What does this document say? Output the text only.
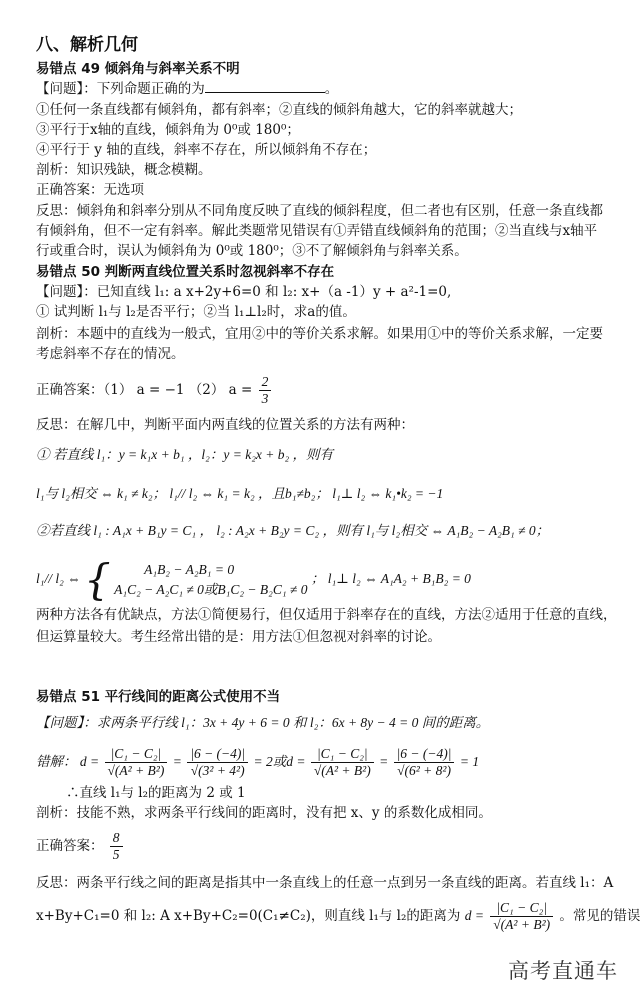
八、解析几何
易错点 49 倾斜角与斜率关系不明
【问题】：下列命题正确的为	。
①任何一条直线都有倾斜角，都有斜率；②直线的倾斜角越大，它的斜率就越大；
③平行于x轴的直线，倾斜角为 0⁰或 180⁰；
④平行于 y 轴的直线，斜率不存在，所以倾斜角不存在；
剖析：知识残缺，概念模糊。
正确答案：无选项
反思：倾斜角和斜率分别从不同角度反映了直线的倾斜程度，但二者也有区别，任意一条直线都
有倾斜角，但不一定有斜率。解此类题常见错误有①弄错直线倾斜角的范围；②当直线与x轴平
行或重合时，误认为倾斜角为 0⁰或 180⁰；③不了解倾斜角与斜率关系。
易错点 50 判断两直线位置关系时忽视斜率不存在
【问题】：已知直线 l₁: a x+2y+6=0 和 l₂: x+（a -1）y + a²-1=0,
① 试判断 l₁与 l₂是否平行；②当 l₁⊥l₂时，求a的值。
剖析：本题中的直线为一般式，宜用②中的等价关系求解。如果用①中的等价关系求解，一定要
考虑斜率不存在的情况。
正确答案：（1） a = −1 （2） $a = \frac{2}{3}$
反思：在解几中，判断平面内两直线的位置关系的方法有两种：
① 若直线 l₁：y = k₁x + b₁ ，l₂：y = k₂x + b₂ ，则有
l₁与 l₂相交 ⇔ k₁ ≠ k₂； l₁// l₂ ⇔ k₁ = k₂ ，且b₁≠b₂； l₁⊥ l₂ ⇔ k₁•k₂ = −1
②若直线 l₁ : A₁x + B₁y = C₁ ， l₂ : A₂x + B₂y = C₂ ，则有 l₁与 l₂相交 ⇔ A₁B₂ − A₂B₁ ≠ 0；
l₁// l₂ ⇔ {	A₁B₂ − A₂B₁ = 0
A₁C₂ − A₂C₁ ≠ 0或B₁C₂ − B₂C₁ ≠ 0
； l₁⊥ l₂ ⇔ A₁A₂ + B₁B₂ = 0
两种方法各有优缺点，方法①简便易行，但仅适用于斜率存在的直线，方法②适用于任意的直线，
但运算量较大。考生经常出错的是：用方法①但忽视对斜率的讨论。
易错点 51 平行线间的距离公式使用不当
【问题】：求两条平行线 l₁：3x + 4y + 6 = 0 和 l₂：6x + 8y − 4 = 0 间的距离。
错解： $d = \frac{\text{|C₁ − C₂|}}{\text{√(A² + B²)}} = \frac{|6 - (-4)|}{\text{√(3² + 4²)}} = 2$或$d = \frac{\text{|C₁ − C₂|}}{\text{√(A² + B²)}} = \frac{|6 - (-4)|}{\text{√(6² + 8²)}} = 1$
∴直线 l₁与 l₂的距离为 2 或 1
剖析：技能不熟，求两条平行线间的距离时，没有把 x、y 的系数化成相同。
正确答案： $\frac{8}{5}$
反思：两条平行线之间的距离是指其中一条直线上的任意一点到另一条直线的距离。若直线 l₁：A
x+By+C₁=0 和 l₂: A x+By+C₂=0(C₁≠C₂)，则直线 l₁与 l₂的距离为 $d = \frac{\text{|C₁ − C₂|}}{\text{√(A² + B²)}}$ 。常见的错误
高考直通车
